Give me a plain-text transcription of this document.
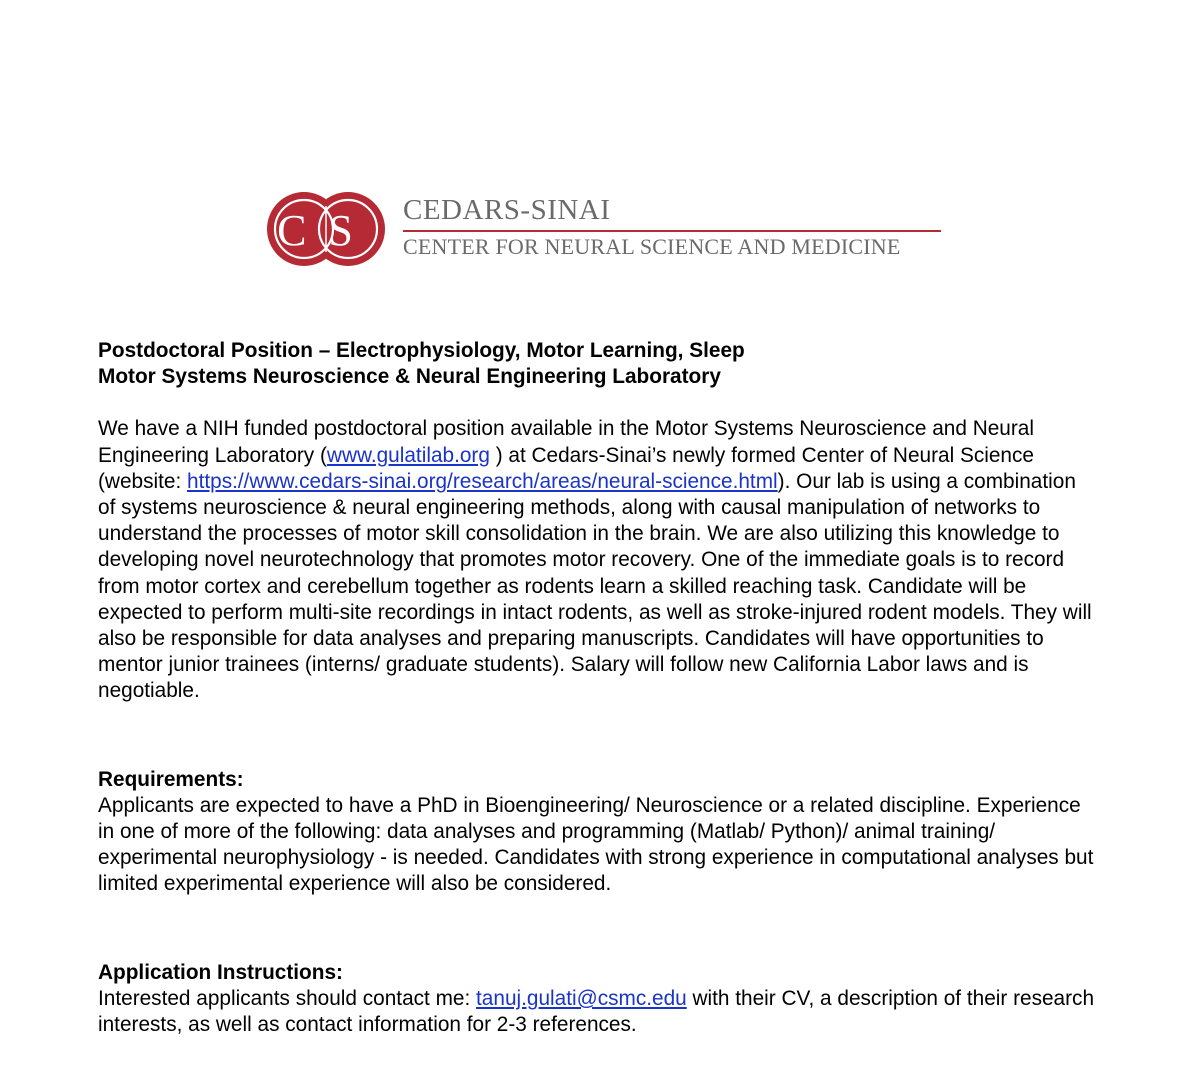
CS CEDARS-SINAI
CENTER FOR NEURAL SCIENCE AND MEDICINE

Postdoctoral Position – Electrophysiology, Motor Learning, Sleep
Motor Systems Neuroscience & Neural Engineering Laboratory

We have a NIH funded postdoctoral position available in the Motor Systems Neuroscience and Neural Engineering Laboratory (www.gulatilab.org ) at Cedars-Sinai’s newly formed Center of Neural Science (website: https://www.cedars-sinai.org/research/areas/neural-science.html). Our lab is using a combination of systems neuroscience & neural engineering methods, along with causal manipulation of networks to understand the processes of motor skill consolidation in the brain. We are also utilizing this knowledge to developing novel neurotechnology that promotes motor recovery. One of the immediate goals is to record from motor cortex and cerebellum together as rodents learn a skilled reaching task. Candidate will be expected to perform multi-site recordings in intact rodents, as well as stroke-injured rodent models. They will also be responsible for data analyses and preparing manuscripts. Candidates will have opportunities to mentor junior trainees (interns/ graduate students). Salary will follow new California Labor laws and is negotiable.

Requirements:

Applicants are expected to have a PhD in Bioengineering/ Neuroscience or a related discipline. Experience in one of more of the following: data analyses and programming (Matlab/ Python)/ animal training/ experimental neurophysiology - is needed. Candidates with strong experience in computational analyses but limited experimental experience will also be considered.

Application Instructions:

Interested applicants should contact me: tanuj.gulati@csmc.edu with their CV, a description of their research interests, as well as contact information for 2-3 references.
